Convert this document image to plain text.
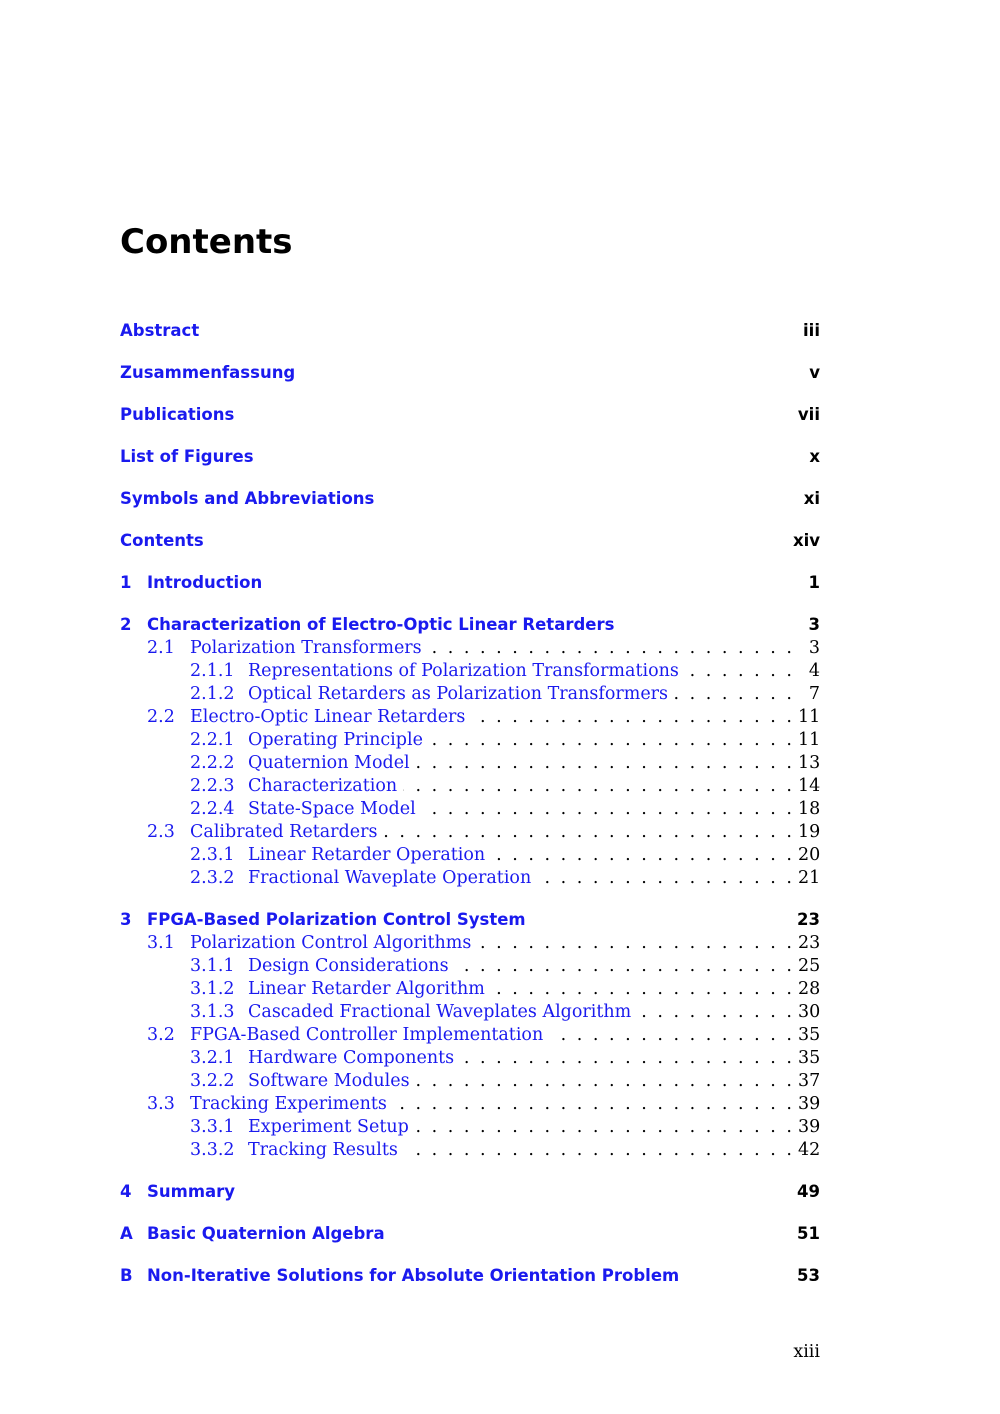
Contents
Abstract	iii
Zusammenfassung	v
Publications	vii
List of Figures	x
Symbols and Abbreviations	xi
Contents	xiv
1 Introduction	1
2 Characterization of Electro-Optic Linear Retarders	3
2.1 Polarization Transformers . . .	3
2.1.1 Representations of Polarization Transformations . . .	4
2.1.2 Optical Retarders as Polarization Transformers . . .	7
2.2 Electro-Optic Linear Retarders . . .	11
2.2.1 Operating Principle . . .	11
2.2.2 Quaternion Model . . .	13
2.2.3 Characterization . . .	14
2.2.4 State-Space Model . . .	18
2.3 Calibrated Retarders . . .	19
2.3.1 Linear Retarder Operation . . .	20
2.3.2 Fractional Waveplate Operation . . .	21
3 FPGA-Based Polarization Control System	23
3.1 Polarization Control Algorithms . . .	23
3.1.1 Design Considerations . . .	25
3.1.2 Linear Retarder Algorithm . . .	28
3.1.3 Cascaded Fractional Waveplates Algorithm . . .	30
3.2 FPGA-Based Controller Implementation . . .	35
3.2.1 Hardware Components . . .	35
3.2.2 Software Modules . . .	37
3.3 Tracking Experiments . . .	39
3.3.1 Experiment Setup . . .	39
3.3.2 Tracking Results . . .	42
4 Summary	49
A Basic Quaternion Algebra	51
B Non-Iterative Solutions for Absolute Orientation Problem	53
xiii
